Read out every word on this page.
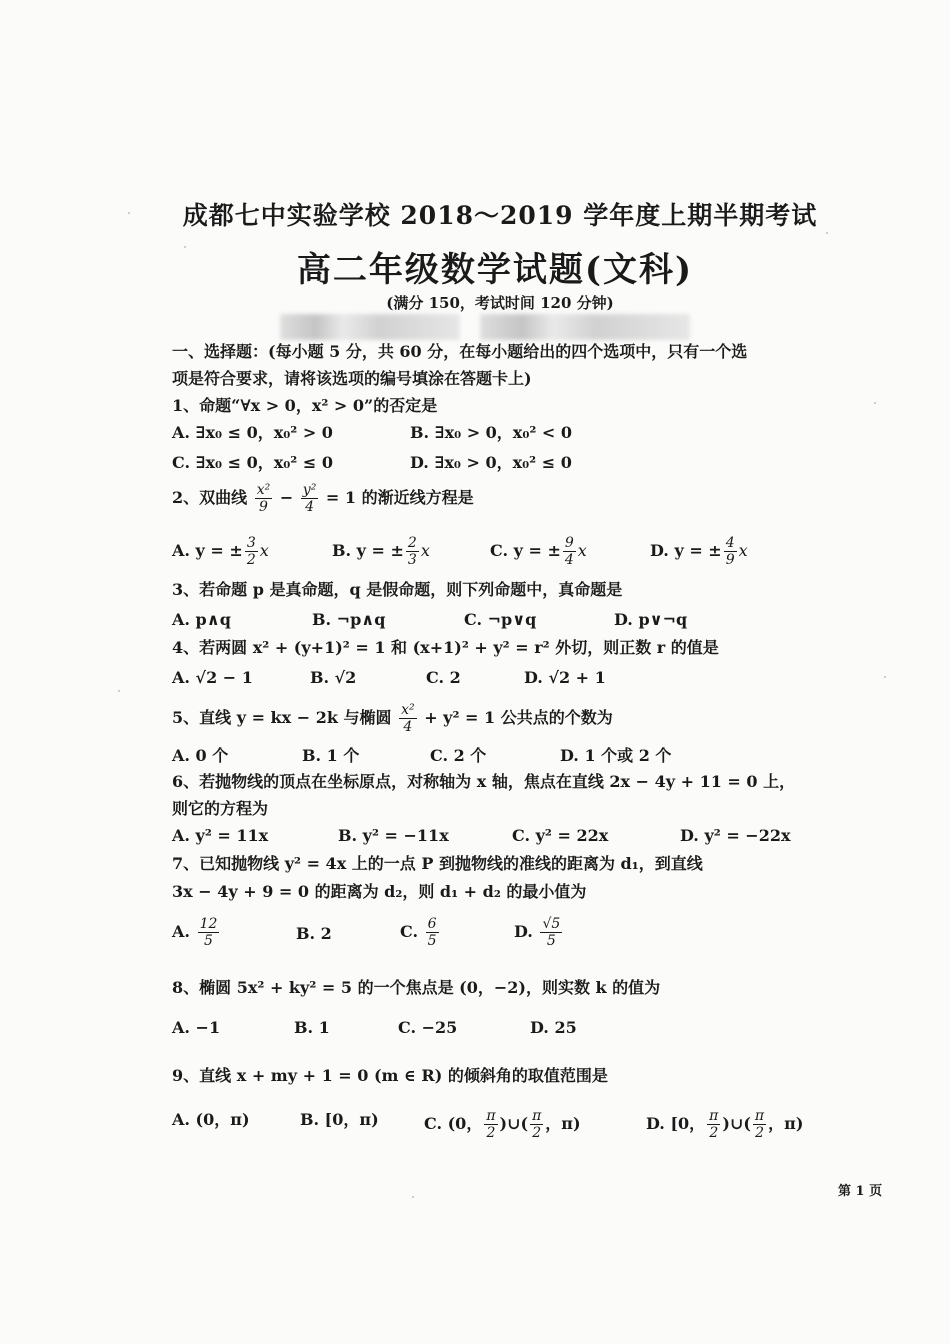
成都七中实验学校 2018～2019 学年度上期半期考试
高二年级数学试题(文科)
(满分 150，考试时间 120 分钟)
一、选择题：(每小题 5 分，共 60 分，在每小题给出的四个选项中，只有一个选
项是符合要求，请将该选项的编号填涂在答题卡上)
1、命题“∀x > 0，x² > 0”的否定是
A. ∃x₀ ≤ 0，x₀² > 0	B. ∃x₀ > 0，x₀² < 0
C. ∃x₀ ≤ 0，x₀² ≤ 0	D. ∃x₀ > 0，x₀² ≤ 0
2、双曲线 $\frac{\text{x²}}{9} - \frac{\text{y²}}{4} = 1$ 的渐近线方程是
A. y = ± $\frac{3}{2}$ x	B. y = ± $\frac{2}{3}$ x	C. y = ± $\frac{9}{4}$ x	D. y = ± $\frac{4}{9}$ x
3、若命题 p 是真命题，q 是假命题，则下列命题中，真命题是
A. p∧q	B. ¬p∧q	C. ¬p∨q	D. p∨¬q
4、若两圆 x² + (y+1)² = 1 和 (x+1)² + y² = r² 外切，则正数 r 的值是
A. √2 − 1	B. √2	C. 2	D. √2 + 1
5、直线 y = kx − 2k 与椭圆 $\frac{\text{x²}}{4} + y^2 = 1$ 公共点的个数为
A. 0 个	B. 1 个	C. 2 个	D. 1 个或 2 个
6、若抛物线的顶点在坐标原点，对称轴为 x 轴，焦点在直线 2x − 4y + 11 = 0 上，
则它的方程为
A. y² = 11x	B. y² = −11x	C. y² = 22x	D. y² = −22x
7、已知抛物线 y² = 4x 上的一点 P 到抛物线的准线的距离为 d₁，到直线
3x − 4y + 9 = 0 的距离为 d₂，则 d₁ + d₂ 的最小值为
A. $\frac{12}{5}$	B. 2	C. $\frac{6}{5}$	D. $\frac{√5}{5}$
8、椭圆 5x² + ky² = 5 的一个焦点是 (0，−2)，则实数 k 的值为
A. −1	B. 1	C. −25	D. 25
9、直线 x + my + 1 = 0 (m ∈ R) 的倾斜角的取值范围是
A. (0，π)	B. [0，π)	C. (0， $\frac{\pi}{2}$ )∪( $\frac{\pi}{2}$ ，π)	D. [0， $\frac{\pi}{2}$ )∪( $\frac{\pi}{2}$ ，π)
第 1 页
